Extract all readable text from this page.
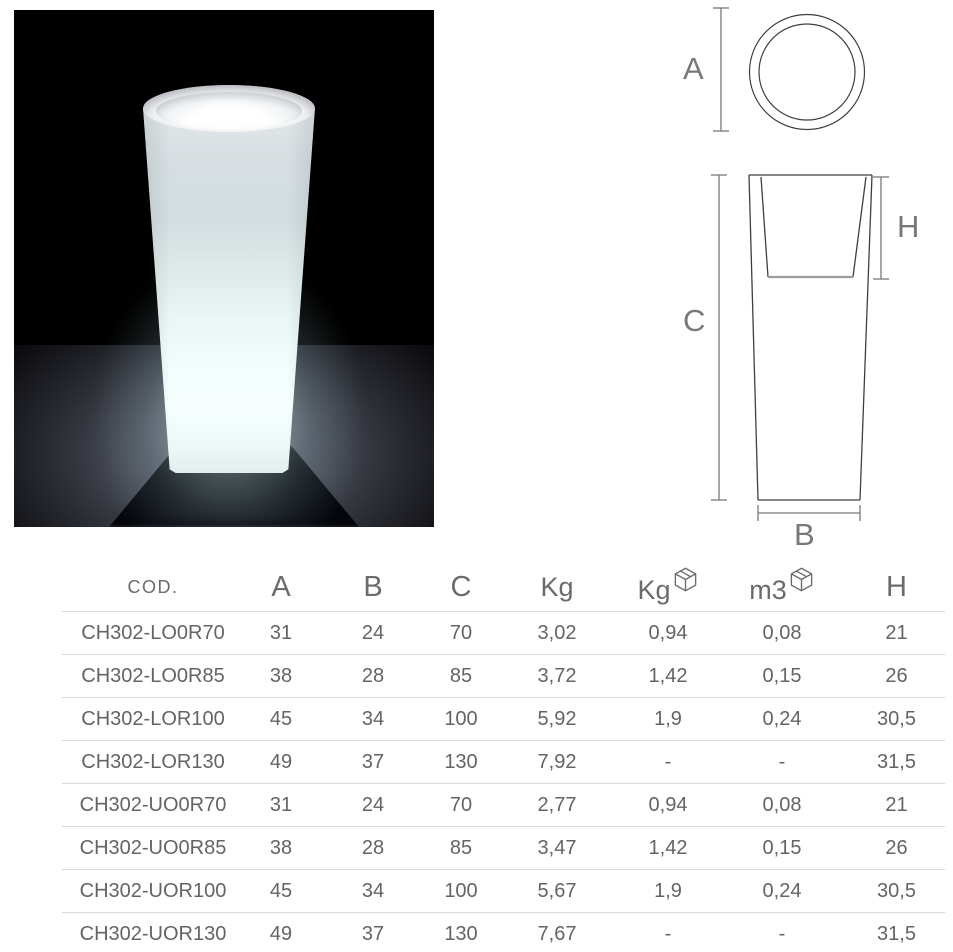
A
C
H
B
COD.	A	B	C	Kg	Kg	m3	H
CH302-LO0R70	31	24	70	3,02	0,94	0,08	21
CH302-LO0R85	38	28	85	3,72	1,42	0,15	26
CH302-LOR100	45	34	100	5,92	1,9	0,24	30,5
CH302-LOR130	49	37	130	7,92	-	-	31,5
CH302-UO0R70	31	24	70	2,77	0,94	0,08	21
CH302-UO0R85	38	28	85	3,47	1,42	0,15	26
CH302-UOR100	45	34	100	5,67	1,9	0,24	30,5
CH302-UOR130	49	37	130	7,67	-	-	31,5
